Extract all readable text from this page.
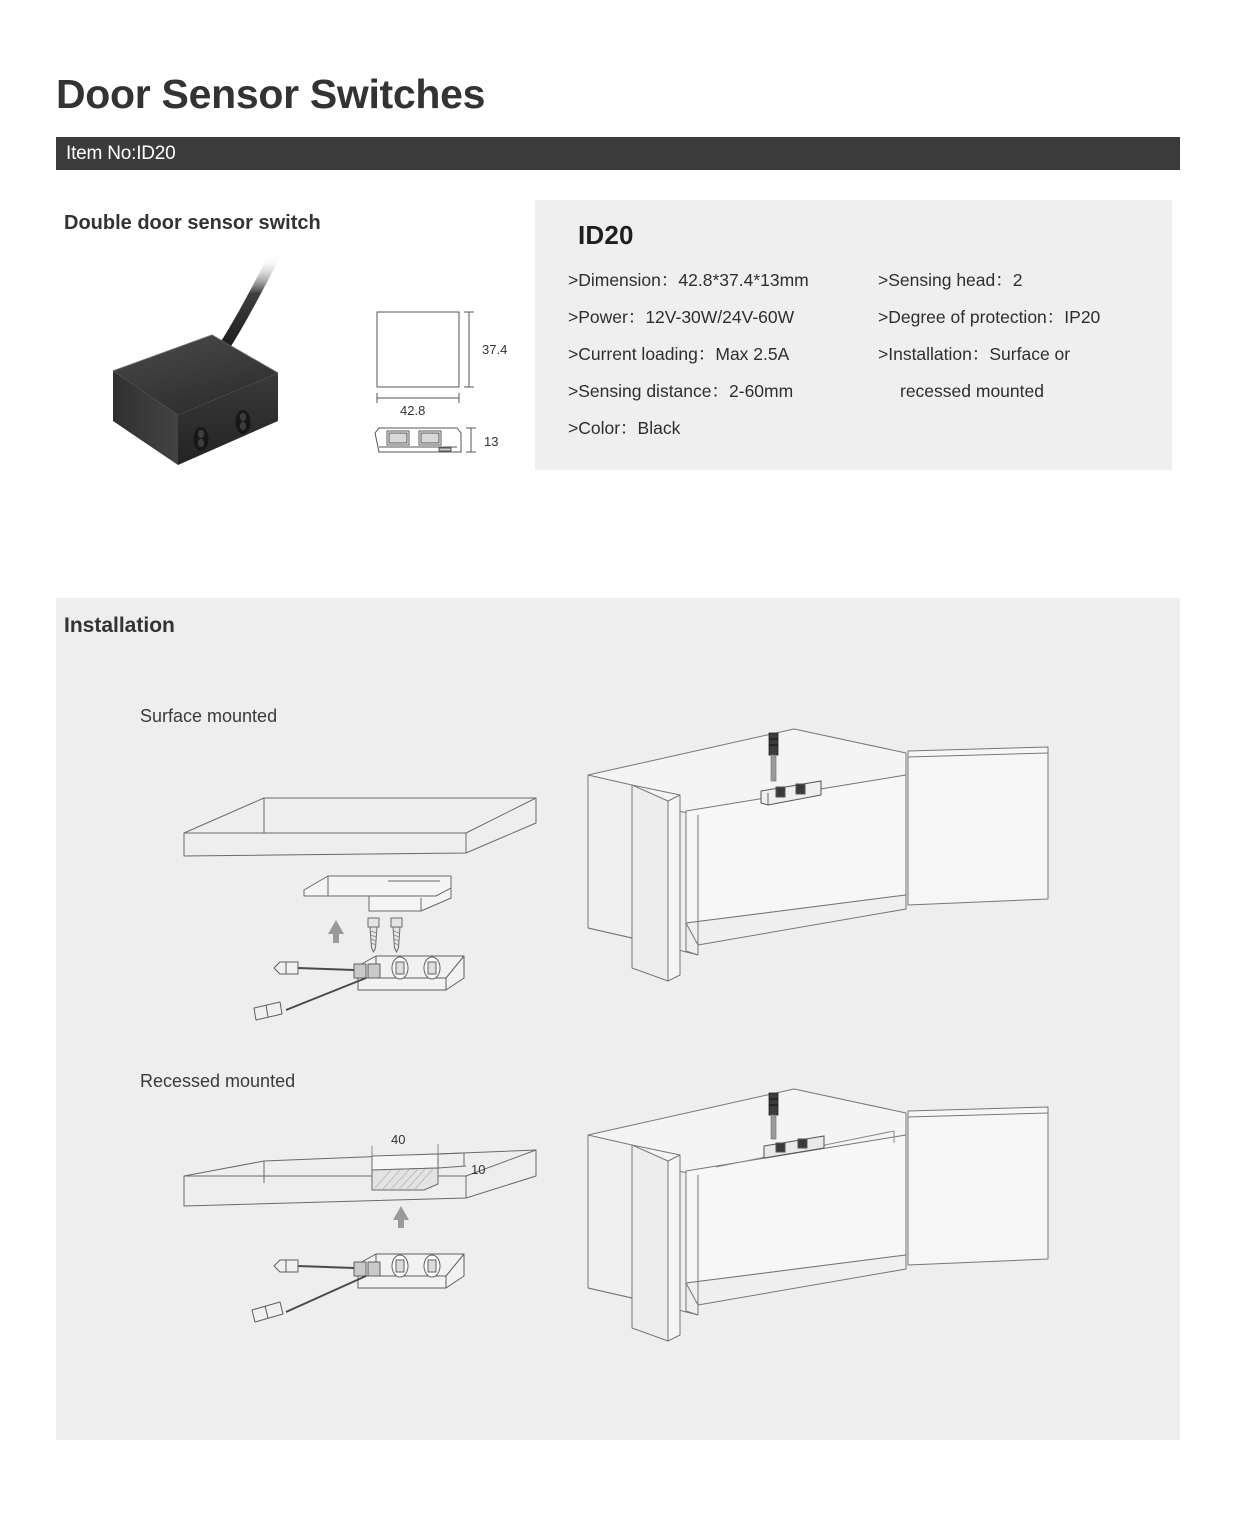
Door Sensor Switches
Item No:ID20
Double door sensor switch
37.4
42.8
13
ID20
>Dimension：42.8*37.4*13mm
>Power：12V-30W/24V-60W
>Current loading：Max 2.5A
>Sensing distance：2-60mm
>Color：Black
>Sensing head：2
>Degree of protection：IP20
>Installation：Surface or
recessed mounted
Installation
Surface mounted
Recessed mounted
40
10
